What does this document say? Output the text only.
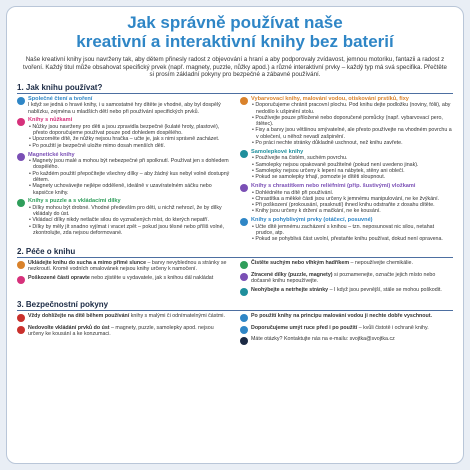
Jak správně používat naše
kreativní a interaktivní knihy bez baterií

Naše kreativní knihy jsou navrženy tak, aby dětem přinesly radost z objevování a hraní a aby podporovaly zvídavost, jemnou motoriku, fantazii a radost z tvoření. Každý titul může obsahovat specifický prvek (např. magnety, puzzle, nůžky apod.) a různé interaktivní prvky – každý typ má svá specifika. Přečtěte si prosím základní pokyny pro bezpečné a zábavné používání.

1. Jak knihu používat?
Společné čtení a tvoření
I když se jedná o hravé knihy, i u samostatné hry dítěte je vhodné, aby byl dospělý nablízku, zejména u mladších dětí nebo při používání specifických prvků.
Knihy s nůžkami
• Nůžky jsou navrženy pro děti a jsou zpravidla bezpečné (kulaté hroty, plastové), přesto doporučujeme používat pouze pod dohledem dospělého.
• Upozorněte dítě, že nůžky nejsou hračka – učte je, jak s nimi správně zacházet.
• Po použití je bezpečně uložte mimo dosah menších dětí.
Magnetické knihy
• Magnety jsou malé a mohou být nebezpečné při spolknutí. Používat jen s dohledem dospělého.
• Po každém použití přepočítejte všechny dílky – aby žádný kus nebyl volně dostupný dětem.
• Magnety uchovávejte nejlépe odděleně, ideálně v uzavíratelném sáčku nebo kapsičce knihy.
Knihy s puzzle a s vkládacími dílky
• Dílky mohou být drobné. Vhodné především pro děti, u nichž nehrozí, že by dílky vkládaly do úst.
• Vkládací dílky nikdy netlačte silou do vyznačených míst, do kterých nepatří.
• Dílky by měly jít snadno vyjímat i vracet zpět – pokud jsou těsné nebo příliš volné, zkontrolujte, zda nejsou deformované.
Vybarvovací knihy, malování vodou, otiskování prstíků, fixy
• Doporučujeme chránit pracovní plochu. Pod knihu dejte podložku (noviny, fólii), aby nedošlo k ušpinění stolu.
• Používejte pouze přiložené nebo doporučené pomůcky (např. vybarvovací pero, štětec).
• Fixy a barvy jsou většinou smývatelné, ale přesto používejte na vhodném povrchu a v oblečení, u něhož nevadí zašpinění.
• Po práci nechte stránky důkladně uschnout, než knihu zavřete.
Samolepkové knihy
• Používejte na čistém, suchém povrchu.
• Samolepky nejsou opakovaně použitelné (pokud není uvedeno jinak).
• Samolepky nejsou určeny k lepení na nábytek, stěny ani oblečí.
• Pokud se samolepky trhají, pomozte je dítěti sloupnout.
Knihy s chrastítkem nebo reliéfními (příp. šustivými) vložkami
• Dohlédněte na dítě při používání.
• Chrastítka a měkké části jsou určeny k jemnému manipulování, ne ke žvýkání.
• Při poškození (prokousání, prasknutí) ihned knihu odstraňte z dosahu dítěte.
• Knihy jsou určeny k držení a mačkání, ne ke kousání.
Knihy s pohyblivými prvky (otáčecí, posuvné)
• Učte dítě jemnému zacházení s knihou – tzn. neposunovat nic silou, netahat prudce, atp.
• Pokud se pohyblivá část uvolní, přestaňte knihu používat, dokud není opravena.
2. Péče o knihu
Ukládejte knihu do sucha a mimo přímé slunce – barvy nevyblednou a stránky se nezkroutí. Kromě vodních omalovánek nejsou knihy určeny k namočení.
Poškozené části opravte nebo zjistěte u vydavatele, jak s knihou dál nakládat
Čistěte suchým nebo vlhkým hadříkem – nepoužívejte chemikálie.
Ztracené dílky (puzzle, magnety) si poznamenejte, označte jejich místo nebo dočasně knihu nepoužívejte.
Neohýbejte a netrhejte stránky – I když jsou pevnější, stále se mohou poškodit.
3. Bezpečnostní pokyny
Vždy dohlížejte na dítě během používání knihy s malými či odnímatelnými částmi.
Nedovolte vkládání prvků do úst – magnety, puzzle, samolepky apod. nejsou určeny ke kousání a ke konzumaci.
Po použití knihy na principu malování vodou ji nechte dobře vyschnout.
Doporučujeme umýt ruce před i po použití – kvůli čistotě i ochraně knihy.
Máte otázky? Kontaktujte nás na e-mailu: svojtka@svojtka.cz
